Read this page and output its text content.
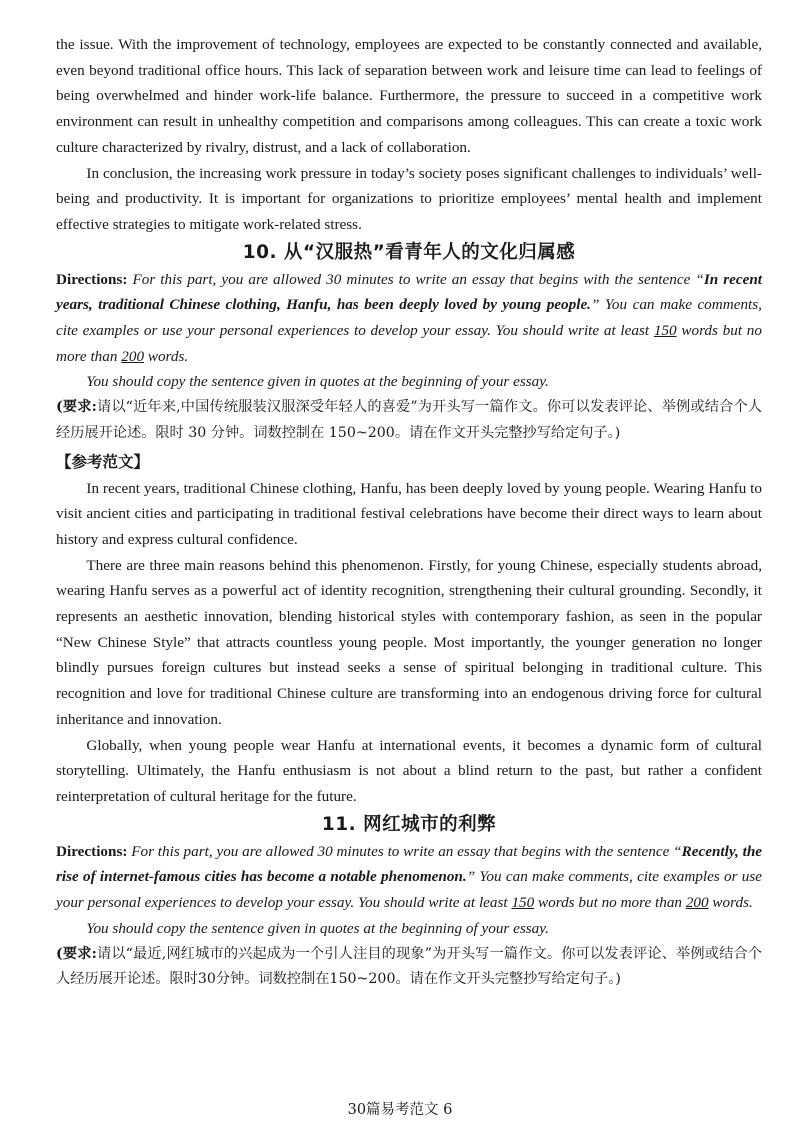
the issue. With the improvement of technology, employees are expected to be constantly connected and available, even beyond traditional office hours. This lack of separation between work and leisure time can lead to feelings of being overwhelmed and hinder work-life balance. Furthermore, the pressure to succeed in a competitive work environment can result in unhealthy competition and comparisons among colleagues. This can create a toxic work culture characterized by rivalry, distrust, and a lack of collaboration.

In conclusion, the increasing work pressure in today’s society poses significant challenges to individuals’ well-being and productivity. It is important for organizations to prioritize employees’ mental health and implement effective strategies to mitigate work-related stress.

10. 从“汉服热”看青年人的文化归属感

Directions: For this part, you are allowed 30 minutes to write an essay that begins with the sentence “In recent years, traditional Chinese clothing, Hanfu, has been deeply loved by young people.” You can make comments, cite examples or use your personal experiences to develop your essay. You should write at least 150 words but no more than 200 words.

You should copy the sentence given in quotes at the beginning of your essay.

(要求:请以“近年来,中国传统服装汉服深受年轻人的喜爱”为开头写一篇作文。你可以发表评论、举例或结合个人经历展开论述。限时 30 分钟。词数控制在 150~200。请在作文开头完整抄写给定句子。)

【参考范文】

In recent years, traditional Chinese clothing, Hanfu, has been deeply loved by young people. Wearing Hanfu to visit ancient cities and participating in traditional festival celebrations have become their direct ways to learn about history and express cultural confidence.

There are three main reasons behind this phenomenon. Firstly, for young Chinese, especially students abroad, wearing Hanfu serves as a powerful act of identity recognition, strengthening their cultural grounding. Secondly, it represents an aesthetic innovation, blending historical styles with contemporary fashion, as seen in the popular “New Chinese Style” that attracts countless young people. Most importantly, the younger generation no longer blindly pursues foreign cultures but instead seeks a sense of spiritual belonging in traditional culture. This recognition and love for traditional Chinese culture are transforming into an endogenous driving force for cultural inheritance and innovation.

Globally, when young people wear Hanfu at international events, it becomes a dynamic form of cultural storytelling. Ultimately, the Hanfu enthusiasm is not about a blind return to the past, but rather a confident reinterpretation of cultural heritage for the future.

11. 网红城市的利弊

Directions: For this part, you are allowed 30 minutes to write an essay that begins with the sentence “Recently, the rise of internet-famous cities has become a notable phenomenon.” You can make comments, cite examples or use your personal experiences to develop your essay. You should write at least 150 words but no more than 200 words.

You should copy the sentence given in quotes at the beginning of your essay.

(要求:请以“最近,网红城市的兴起成为一个引人注目的现象”为开头写一篇作文。你可以发表评论、举例或结合个人经历展开论述。限时30分钟。词数控制在150~200。请在作文开头完整抄写给定句子。)

30篇易考范文 6
